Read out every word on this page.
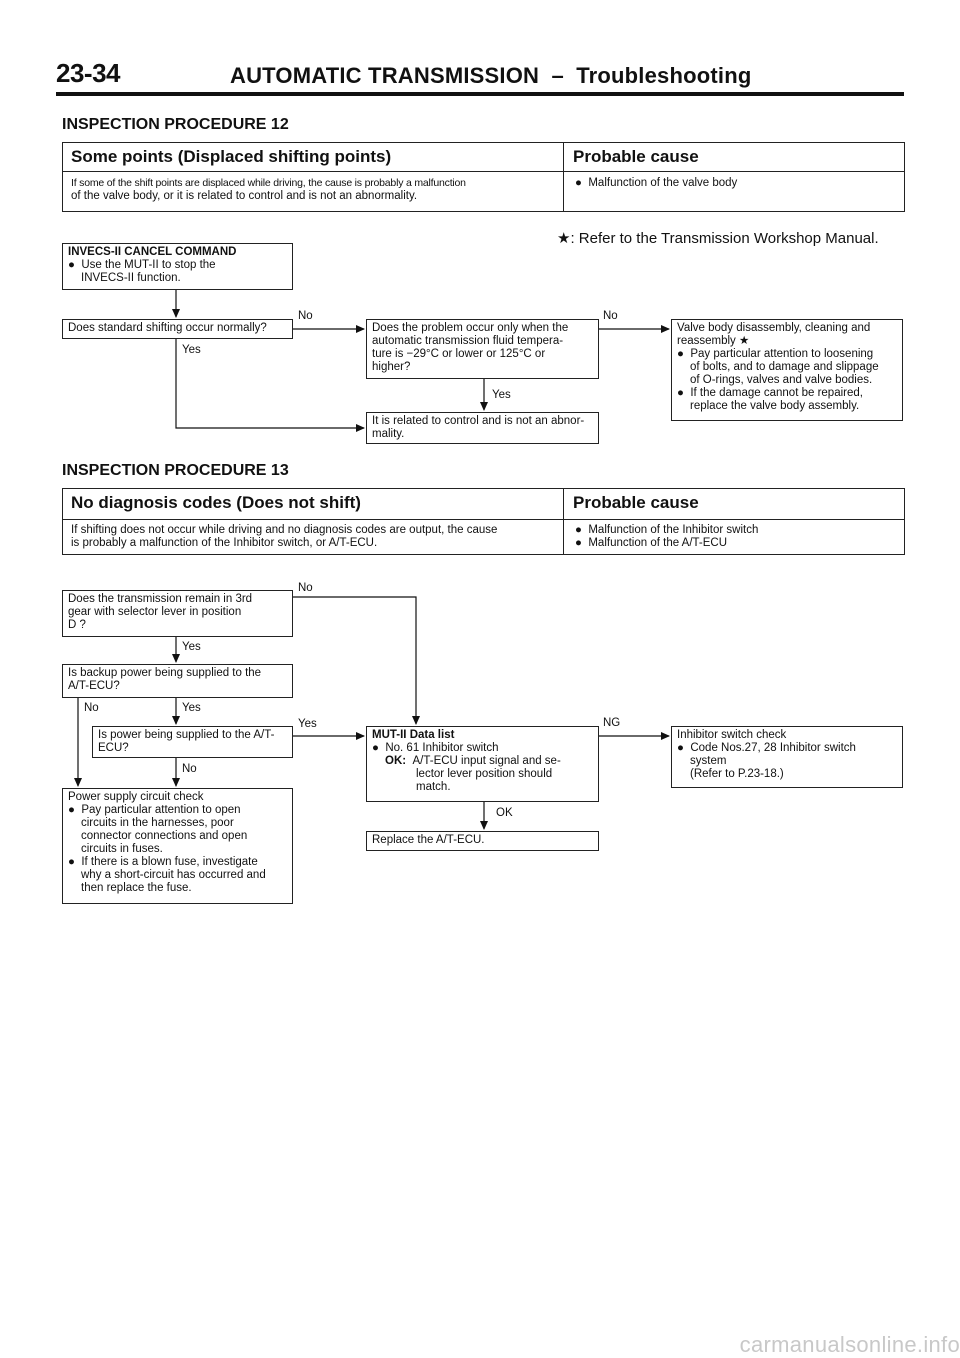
23-34	AUTOMATIC TRANSMISSION – Troubleshooting
INSPECTION PROCEDURE 12
Some points (Displaced shifting points)	Probable cause
If some of the shift points are displaced while driving, the cause is probably a malfunction
of the valve body, or it is related to control and is not an abnormality.
●  Malfunction of the valve body
★: Refer to the Transmission Workshop Manual.
INVECS-II CANCEL COMMAND
●  Use the MUT-II to stop the
INVECS-II function.
Does standard shifting occur normally?	Does the problem occur only when the
automatic transmission fluid tempera-
ture is −29°C or lower or 125°C or
higher?
It is related to control and is not an abnor-
mality.
Valve body disassembly, cleaning and
reassembly ★
●  Pay particular attention to loosening
of bolts, and to damage and slippage
of O-rings, valves and valve bodies.
●  If the damage cannot be repaired,
replace the valve body assembly.
No
Yes
No
Yes
INSPECTION PROCEDURE 13
No diagnosis codes (Does not shift)	Probable cause
If shifting does not occur while driving and no diagnosis codes are output, the cause
is probably a malfunction of the Inhibitor switch, or A/T-ECU.
●  Malfunction of the Inhibitor switch
●  Malfunction of the A/T-ECU
Does the transmission remain in 3rd
gear with selector lever in position
D ?
Is backup power being supplied to the
A/T-ECU?
Is power being supplied to the A/T-
ECU?
Power supply circuit check
●  Pay particular attention to open
circuits in the harnesses, poor
connector connections and open
circuits in fuses.
●  If there is a blown fuse, investigate
why a short-circuit has occurred and
then replace the fuse.
MUT-II Data list
●  No. 61 Inhibitor switch
OK: A/T-ECU input signal and se-
lector lever position should
match.
Replace the A/T-ECU.
Inhibitor switch check
●  Code Nos.27, 28 Inhibitor switch
system
(Refer to P.23-18.)
No
Yes
No	Yes
Yes
No
NG
OK
carmanualsonline.info
